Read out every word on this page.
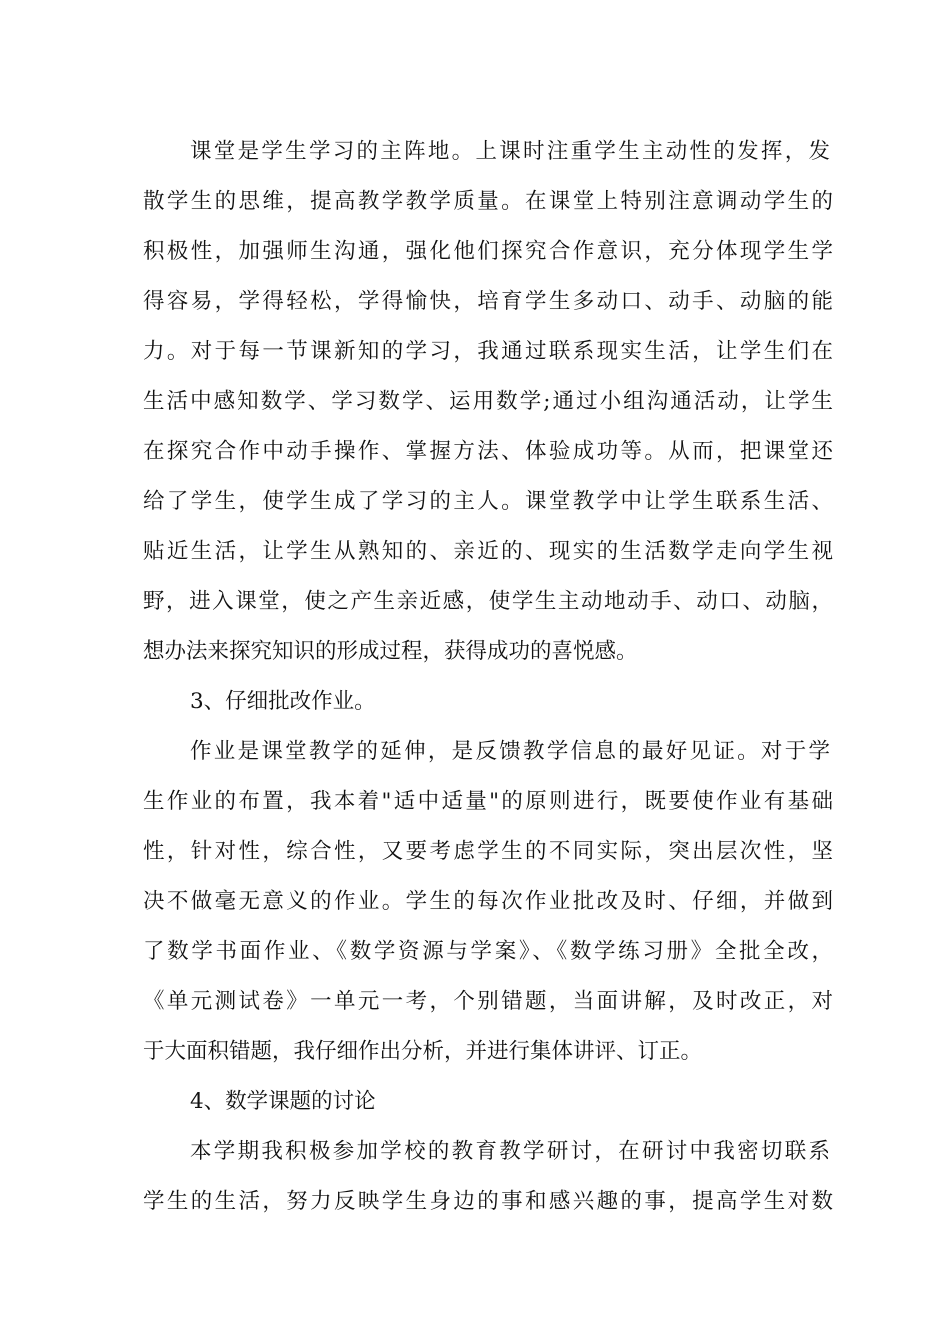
课堂是学生学习的主阵地。上课时注重学生主动性的发挥，发
散学生的思维，提高教学教学质量。在课堂上特别注意调动学生的
积极性，加强师生沟通，强化他们探究合作意识，充分体现学生学
得容易，学得轻松，学得愉快，培育学生多动口、动手、动脑的能
力。对于每一节课新知的学习，我通过联系现实生活，让学生们在
生活中感知数学、学习数学、运用数学;通过小组沟通活动，让学生
在探究合作中动手操作、掌握方法、体验成功等。从而，把课堂还
给了学生，使学生成了学习的主人。课堂教学中让学生联系生活、
贴近生活，让学生从熟知的、亲近的、现实的生活数学走向学生视
野，进入课堂，使之产生亲近感，使学生主动地动手、动口、动脑，
想办法来探究知识的形成过程，获得成功的喜悦感。
3、仔细批改作业。
作业是课堂教学的延伸，是反馈教学信息的最好见证。对于学
生作业的布置，我本着"适中适量"的原则进行，既要使作业有基础
性，针对性，综合性，又要考虑学生的不同实际，突出层次性，坚
决不做毫无意义的作业。学生的每次作业批改及时、仔细，并做到
了数学书面作业、《数学资源与学案》、《数学练习册》全批全改，
《单元测试卷》一单元一考，个别错题，当面讲解，及时改正，对
于大面积错题，我仔细作出分析，并进行集体讲评、订正。
4、数学课题的讨论
本学期我积极参加学校的教育教学研讨，在研讨中我密切联系
学生的生活，努力反映学生身边的事和感兴趣的事，提高学生对数
